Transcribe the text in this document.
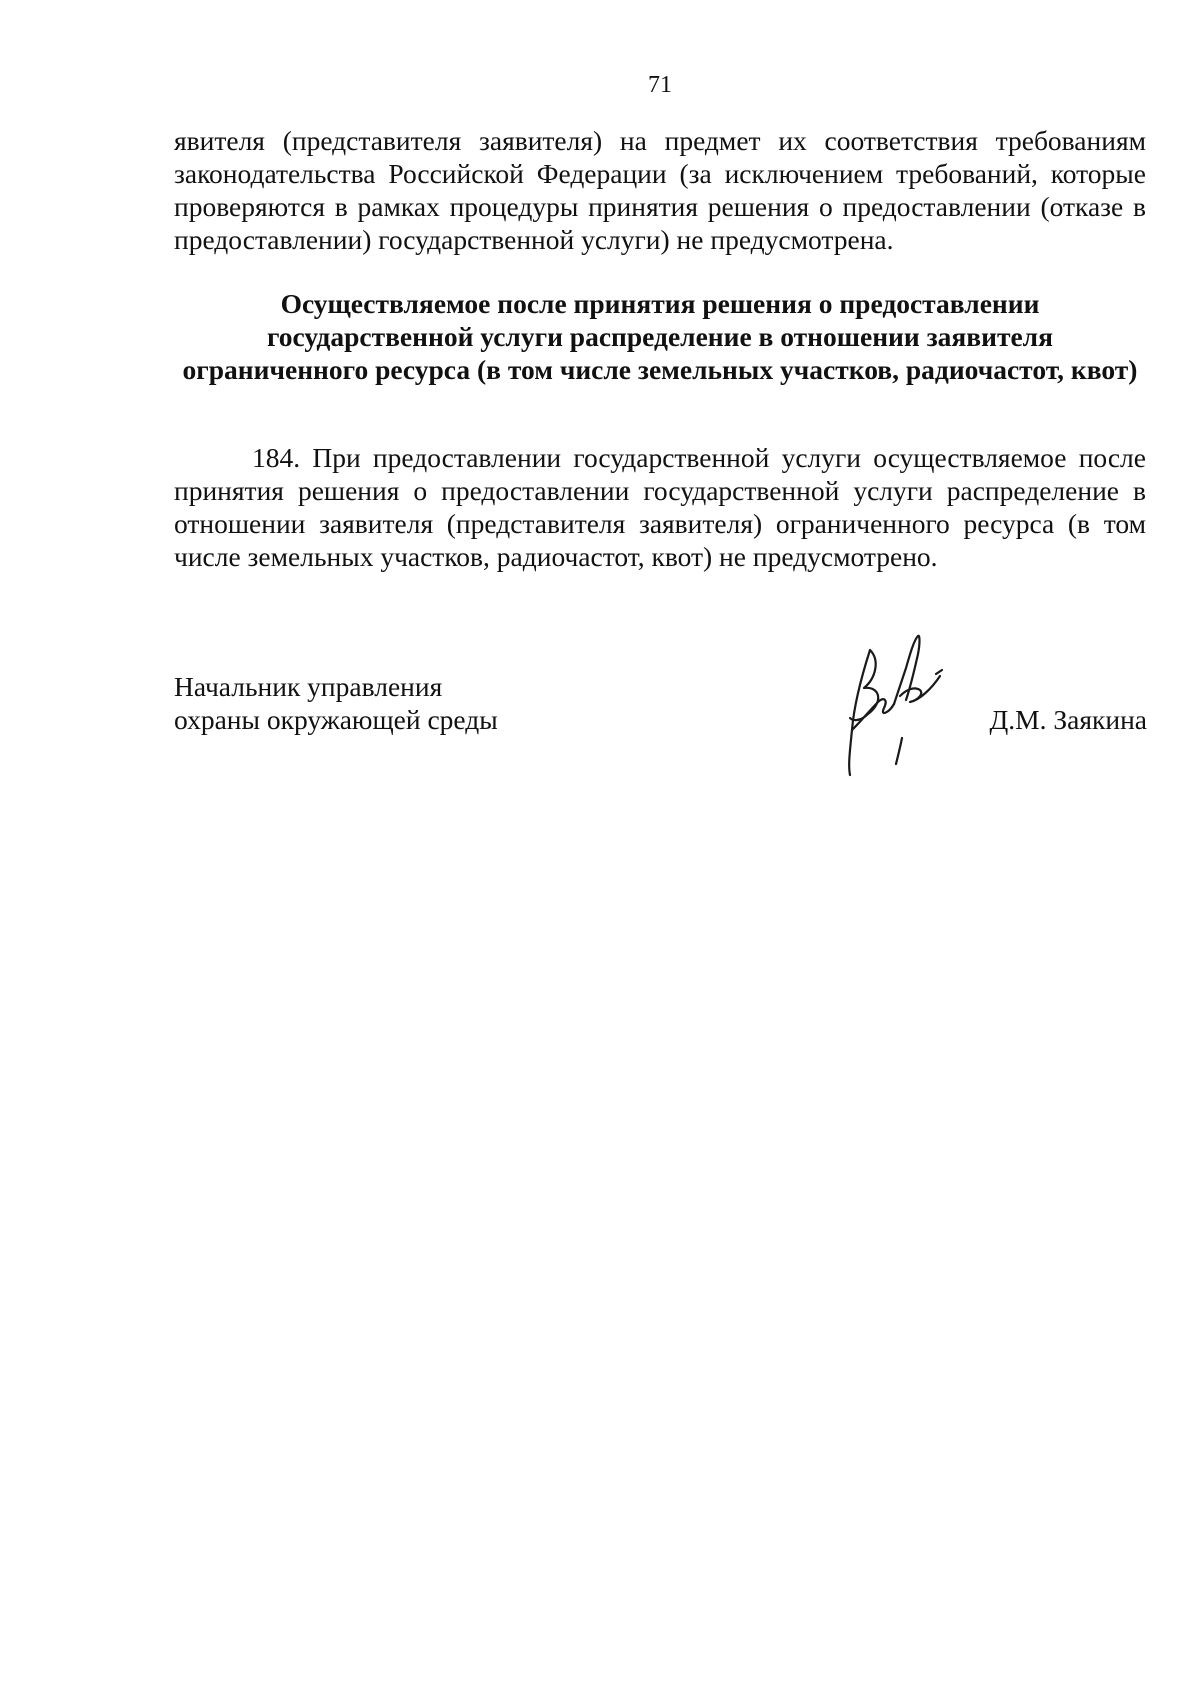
71

явителя (представителя заявителя) на предмет их соответствия требованиям законодательства Российской Федерации (за исключением требований, которые проверяются в рамках процедуры принятия решения о предоставлении (отказе в предоставлении) государственной услуги) не предусмотрена.

Осуществляемое после принятия решения о предоставлении государственной услуги распределение в отношении заявителя ограниченного ресурса (в том числе земельных участков, радиочастот, квот)

184. При предоставлении государственной услуги осуществляемое после принятия решения о предоставлении государственной услуги распределение в отношении заявителя (представителя заявителя) ограниченного ресурса (в том числе земельных участков, радиочастот, квот) не предусмотрено.

Начальник управления
охраны окружающей среды	Д.М. Заякина
